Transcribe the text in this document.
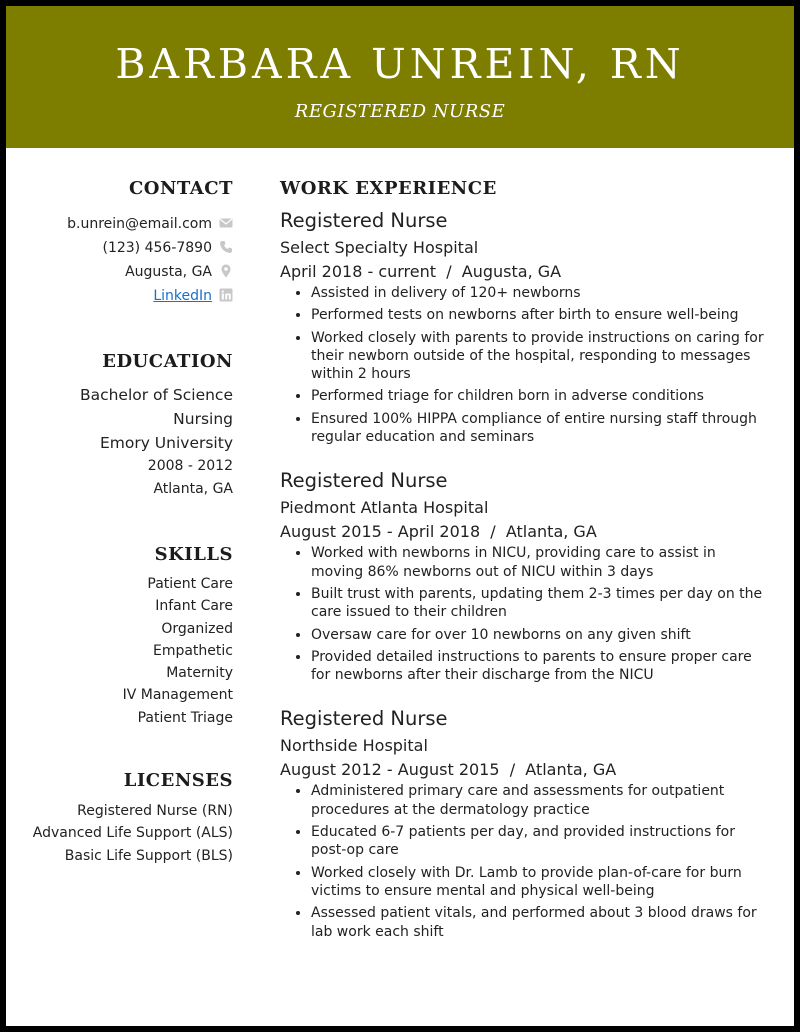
BARBARA UNREIN, RN
REGISTERED NURSE
CONTACT
b.unrein@email.com
(123) 456-7890
Augusta, GA
LinkedIn
EDUCATION
Bachelor of Science
Nursing
Emory University
2008 - 2012
Atlanta, GA
SKILLS
Patient Care
Infant Care
Organized
Empathetic
Maternity
IV Management
Patient Triage
LICENSES
Registered Nurse (RN)
Advanced Life Support (ALS)
Basic Life Support (BLS)
WORK EXPERIENCE
Registered Nurse
Select Specialty Hospital
April 2018 - current  /  Augusta, GA
• Assisted in delivery of 120+ newborns
• Performed tests on newborns after birth to ensure well-being
• Worked closely with parents to provide instructions on caring for their newborn outside of the hospital, responding to messages within 2 hours
• Performed triage for children born in adverse conditions
• Ensured 100% HIPPA compliance of entire nursing staff through regular education and seminars
Registered Nurse
Piedmont Atlanta Hospital
August 2015 - April 2018  /  Atlanta, GA
• Worked with newborns in NICU, providing care to assist in moving 86% newborns out of NICU within 3 days
• Built trust with parents, updating them 2-3 times per day on the care issued to their children
• Oversaw care for over 10 newborns on any given shift
• Provided detailed instructions to parents to ensure proper care for newborns after their discharge from the NICU
Registered Nurse
Northside Hospital
August 2012 - August 2015  /  Atlanta, GA
• Administered primary care and assessments for outpatient procedures at the dermatology practice
• Educated 6-7 patients per day, and provided instructions for post-op care
• Worked closely with Dr. Lamb to provide plan-of-care for burn victims to ensure mental and physical well-being
• Assessed patient vitals, and performed about 3 blood draws for lab work each shift
